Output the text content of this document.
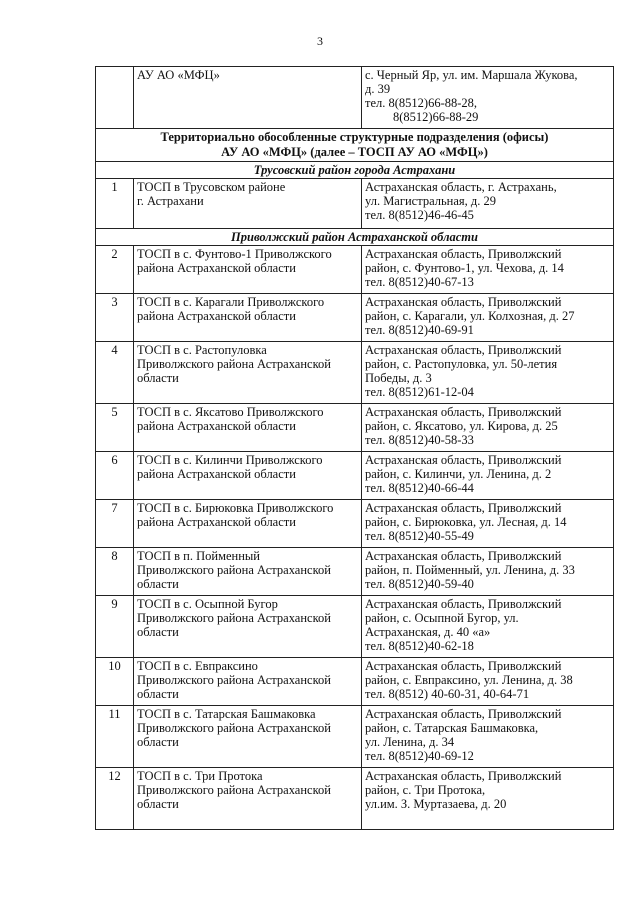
3

	АУ АО «МФЦ»	с. Черный Яр, ул. им. Маршала Жукова,
д. 39
тел. 8(8512)66-88-28,
8(8512)66-88-29

Территориально обособленные структурные подразделения (офисы)
АУ АО «МФЦ» (далее – ТОСП АУ АО «МФЦ»)		

Трусовский район города Астрахани		
1	ТОСП в Трусовском районе
г. Астрахани	Астраханская область, г. Астрахань,
ул. Магистральная, д. 29
тел. 8(8512)46-46-45

Приволжский район Астраханской области		
2	ТОСП в с. Фунтово-1 Приволжского
района Астраханской области	Астраханская область, Приволжский
район, с. Фунтово-1, ул. Чехова, д. 14
тел. 8(8512)40-67-13

3	ТОСП в с. Карагали Приволжского
района Астраханской области	Астраханская область, Приволжский
район, с. Карагали, ул. Колхозная, д. 27
тел. 8(8512)40-69-91

4	ТОСП в с. Растопуловка
Приволжского района Астраханской
области	Астраханская область, Приволжский
район, с. Растопуловка, ул. 50-летия
Победы, д. 3
тел. 8(8512)61-12-04

5	ТОСП в с. Яксатово Приволжского
района Астраханской области	Астраханская область, Приволжский
район, с. Яксатово, ул. Кирова, д. 25
тел. 8(8512)40-58-33

6	ТОСП в с. Килинчи Приволжского
района Астраханской области	Астраханская область, Приволжский
район, с. Килинчи, ул. Ленина, д. 2
тел. 8(8512)40-66-44

7	ТОСП в с. Бирюковка Приволжского
района Астраханской области	Астраханская область, Приволжский
район, с. Бирюковка, ул. Лесная, д. 14
тел. 8(8512)40-55-49

8	ТОСП в п. Пойменный
Приволжского района Астраханской
области	Астраханская область, Приволжский
район, п. Пойменный, ул. Ленина, д. 33
тел. 8(8512)40-59-40

9	ТОСП в с. Осыпной Бугор
Приволжского района Астраханской
области	Астраханская область, Приволжский
район, с. Осыпной Бугор, ул.
Астраханская, д. 40 «а»
тел. 8(8512)40-62-18

10	ТОСП в с. Евпраксино
Приволжского района Астраханской
области	Астраханская область, Приволжский
район, с. Евпраксино, ул. Ленина, д. 38
тел. 8(8512) 40-60-31, 40-64-71

11	ТОСП в с. Татарская Башмаковка
Приволжского района Астраханской
области	Астраханская область, Приволжский
район, с. Татарская Башмаковка,
ул. Ленина, д. 34
тел. 8(8512)40-69-12

12	ТОСП в с. Три Протока
Приволжского района Астраханской
области	Астраханская область, Приволжский
район, с. Три Протока,
ул.им. З. Муртазаева, д. 20
